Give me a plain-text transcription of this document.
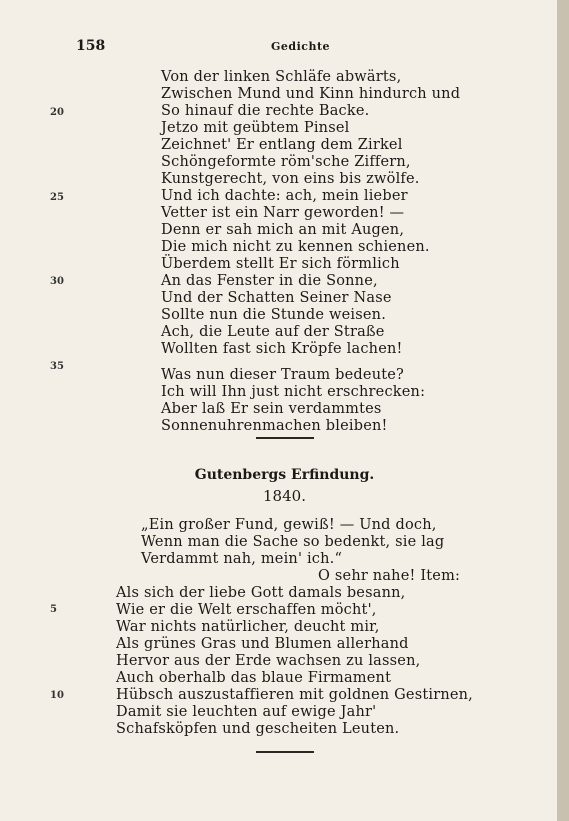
158	Gedichte
Von der linken Schläfe abwärts,
Zwischen Mund und Kinn hindurch und
So hinauf die rechte Backe.
Jetzo mit geübtem Pinsel
Zeichnet' Er entlang dem Zirkel
Schöngeformte röm'sche Ziffern,
Kunstgerecht, von eins bis zwölfe.
Und ich dachte: ach, mein lieber
Vetter ist ein Narr geworden! —
Denn er sah mich an mit Augen,
Die mich nicht zu kennen schienen.
Überdem stellt Er sich förmlich
An das Fenster in die Sonne,
Und der Schatten Seiner Nase
Sollte nun die Stunde weisen.
Ach, die Leute auf der Straße
Wollten fast sich Kröpfe lachen!
Was nun dieser Traum bedeute?
Ich will Ihn just nicht erschrecken:
Aber laß Er sein verdammtes
Sonnenuhrenmachen bleiben!
20
25
30
35
Gutenbergs Erfindung.
1840.
„Ein großer Fund, gewiß! — Und doch,
Wenn man die Sache so bedenkt, sie lag
Verdammt nah, mein' ich.“
O sehr nahe! Item:
Als sich der liebe Gott damals besann,
Wie er die Welt erschaffen möcht',
War nichts natürlicher, deucht mir,
Als grünes Gras und Blumen allerhand
Hervor aus der Erde wachsen zu lassen,
Auch oberhalb das blaue Firmament
Hübsch auszustaffieren mit goldnen Gestirnen,
Damit sie leuchten auf ewige Jahr'
Schafsköpfen und gescheiten Leuten.
5
10
